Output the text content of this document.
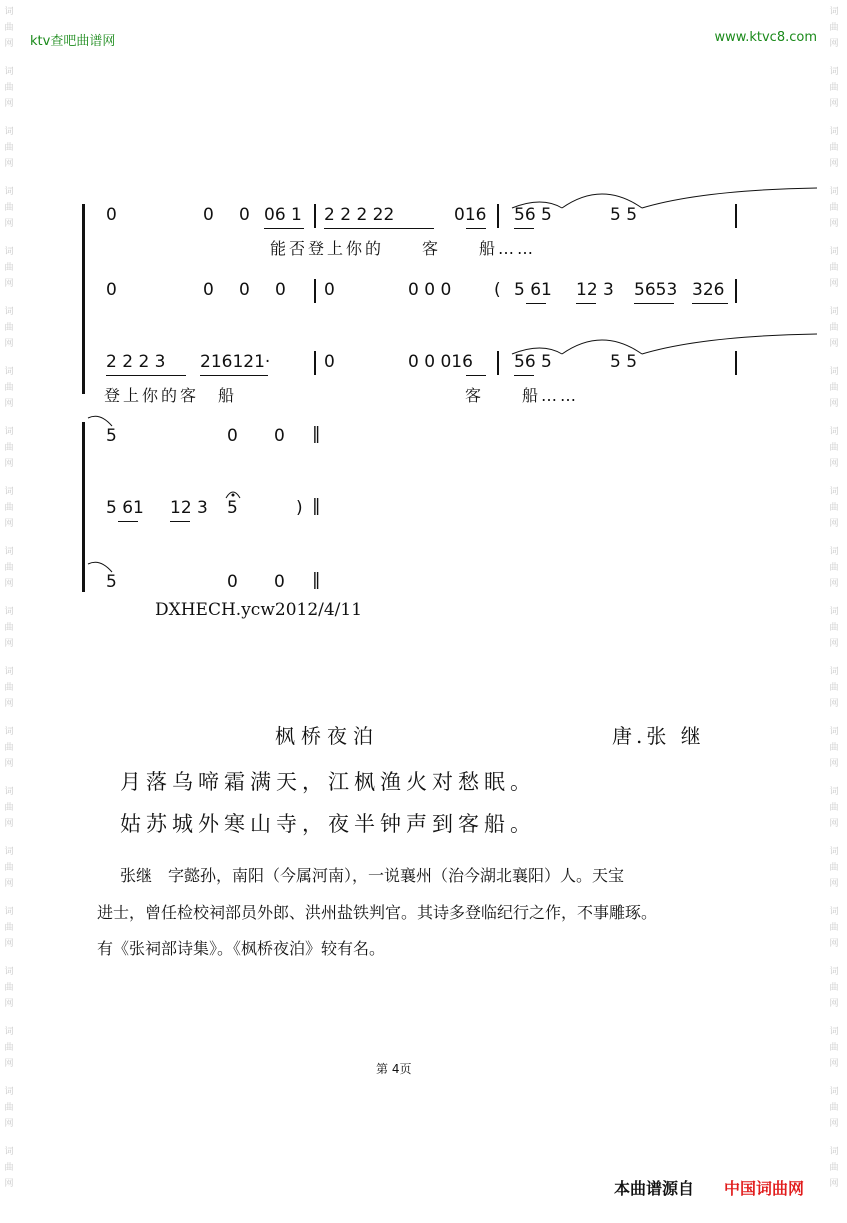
词
曲
网
词
曲
网
词
曲
网
词
曲
网
词
曲
网
词
曲
网
词
曲
网
词
曲
网
词
曲
网
词
曲
网
词
曲
网
词
曲
网
词
曲
网
词
曲
网
词
曲
网
词
曲
网
词
曲
网
词
曲
网
词
曲
网
词
曲
网
词
曲
网
词
曲
网
词
曲
网
词
曲
网
词
曲
网
词
曲
网
词
曲
网
词
曲
网
词
曲
网
词
曲
网
词
曲
网
词
曲
网
词
曲
网
词
曲
网
词
曲
网
词
曲
网
词
曲
网
词
曲
网
词
曲
网
词
曲
网
ktv查吧曲谱网	www.ktvc8.com
0	0 0 06 1 2 2 2 22	016 56 5	5 5
能否登上你的　　客　　船……
0	0 0 0 0	0 0 0	( 5 61 12 3 5653 326
2 2 2 3 216121·	0	0 0 016 56 5	5 5
登上你的客　船	客　　船……
5	0 0 ‖
5 61 12 3 5	) ‖
5	0 0 ‖
DXHECH.ycw2012/4/11
枫桥夜泊	唐.张 继
月落乌啼霜满天，江枫渔火对愁眠。
姑苏城外寒山寺，夜半钟声到客船。
张继　字懿孙，南阳（今属河南），一说襄州（治今湖北襄阳）人。天宝
进士，曾任检校祠部员外郎、洪州盐铁判官。其诗多登临纪行之作，不事雕琢。
有《张祠部诗集》。《枫桥夜泊》较有名。
第 4页
本曲谱源自 中国词曲网
